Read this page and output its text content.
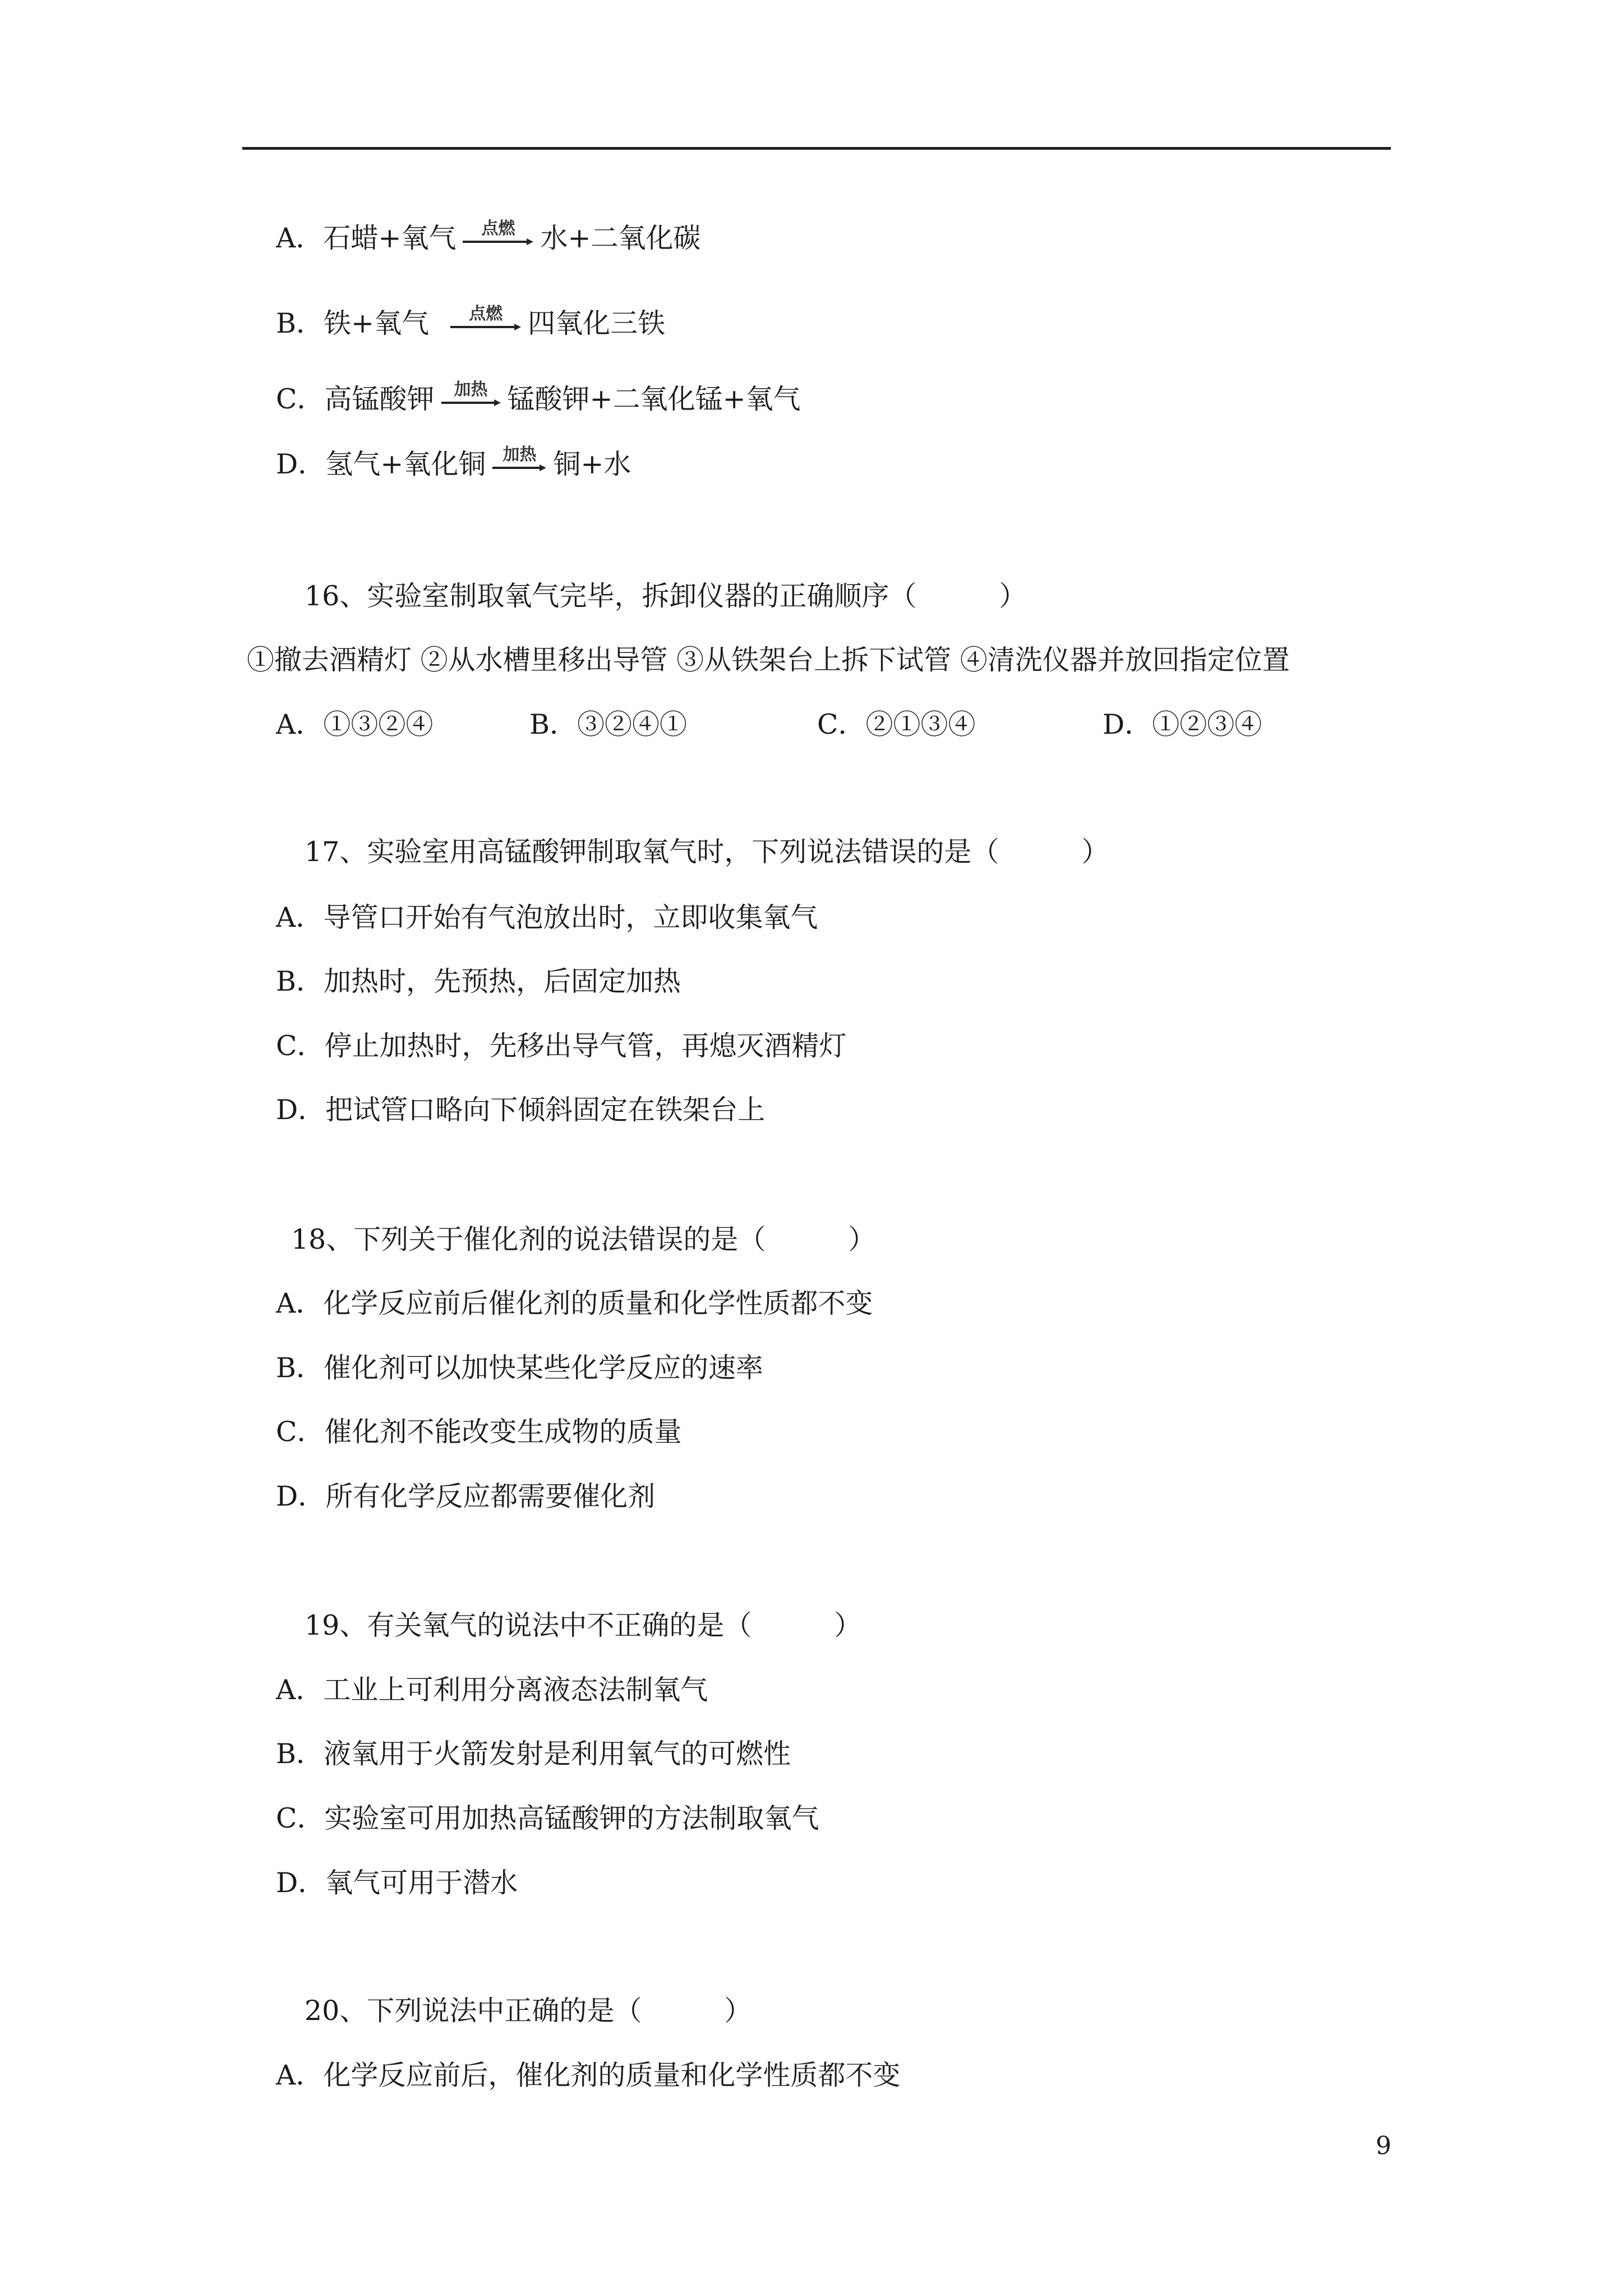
A．石蜡+氧气	点燃 水+二氧化碳
B．铁+氧气	点燃 四氧化三铁
C．高锰酸钾	加热 锰酸钾+二氧化锰+氧气
D．氢气+氧化铜	加热 铜+水
16、实验室制取氧气完毕，拆卸仪器的正确顺序（　　　）
①撤去酒精灯 ②从水槽里移出导管 ③从铁架台上拆下试管 ④清洗仪器并放回指定位置
A．①③②④	B．③②④①	C．②①③④	D．①②③④
17、实验室用高锰酸钾制取氧气时，下列说法错误的是（　　　）
A．导管口开始有气泡放出时，立即收集氧气
B．加热时，先预热，后固定加热
C．停止加热时，先移出导气管，再熄灭酒精灯
D．把试管口略向下倾斜固定在铁架台上
18、下列关于催化剂的说法错误的是（　　　）
A．化学反应前后催化剂的质量和化学性质都不变
B．催化剂可以加快某些化学反应的速率
C．催化剂不能改变生成物的质量
D．所有化学反应都需要催化剂
19、有关氧气的说法中不正确的是（　　　）
A．工业上可利用分离液态法制氧气
B．液氧用于火箭发射是利用氧气的可燃性
C．实验室可用加热高锰酸钾的方法制取氧气
D．氧气可用于潜水
20、下列说法中正确的是（　　　）
A．化学反应前后，催化剂的质量和化学性质都不变
9
